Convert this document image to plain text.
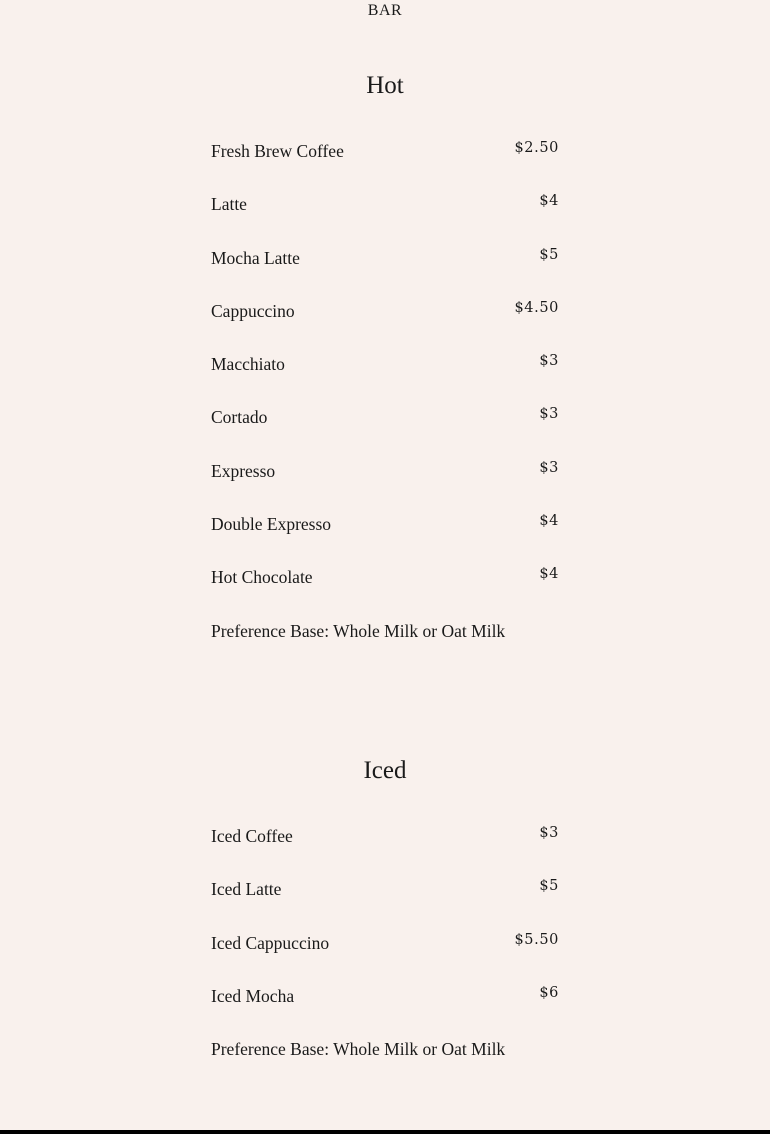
BAR
Hot
Fresh Brew Coffee	$2.50
Latte	$4
Mocha Latte	$5
Cappuccino	$4.50
Macchiato	$3
Cortado	$3
Expresso	$3
Double Expresso	$4
Hot Chocolate	$4
Preference Base: Whole Milk or Oat Milk
Iced
Iced Coffee	$3
Iced Latte	$5
Iced Cappuccino	$5.50
Iced Mocha	$6
Preference Base: Whole Milk or Oat Milk
